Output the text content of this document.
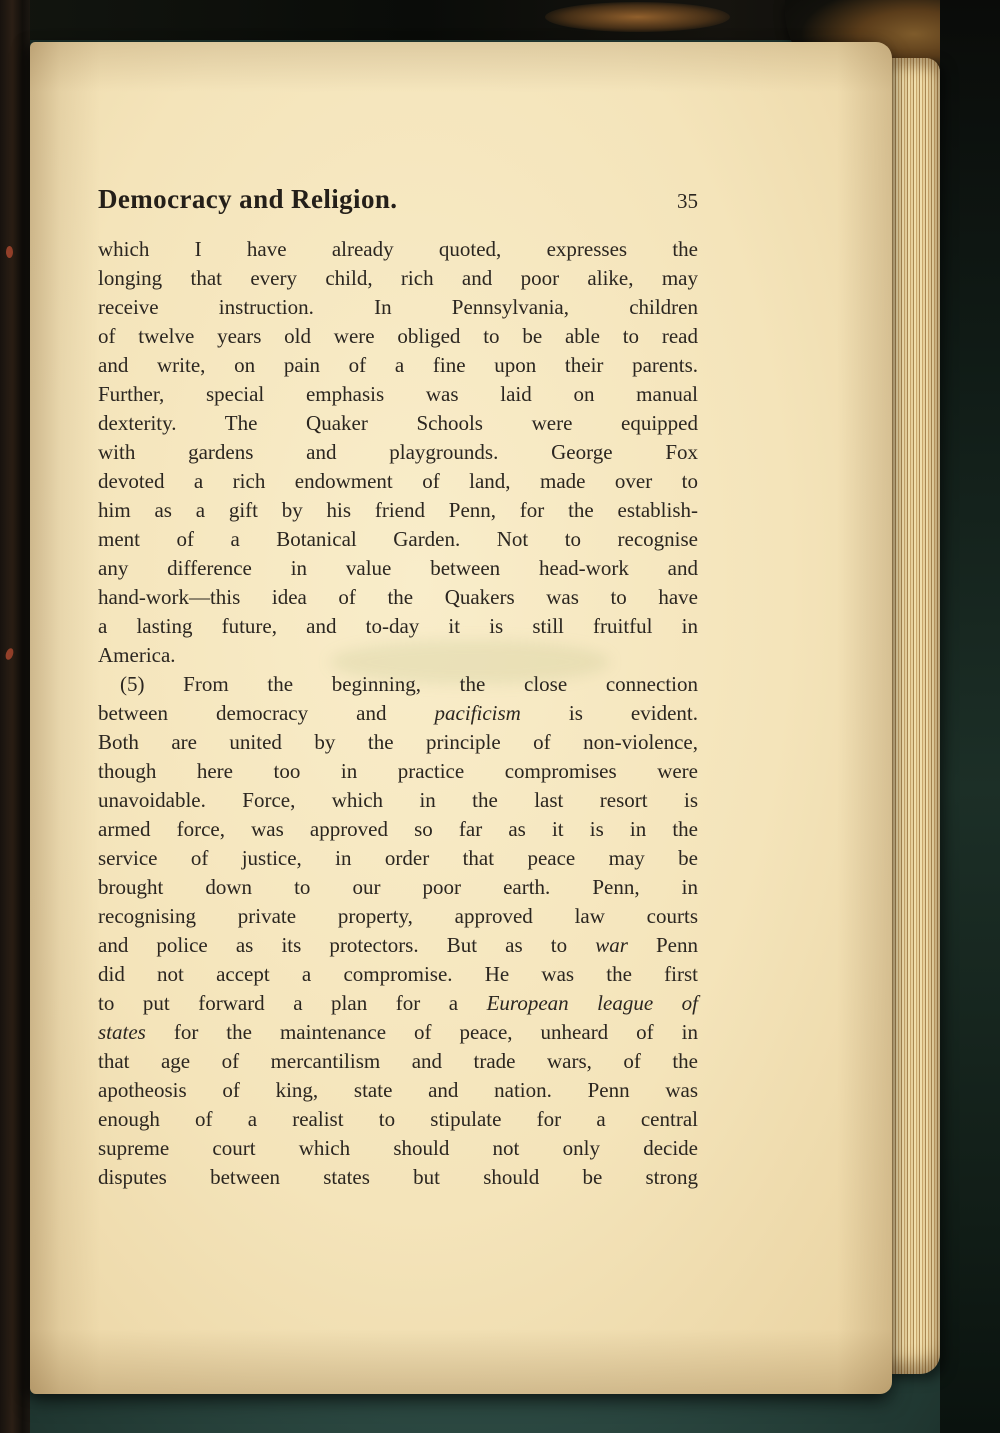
Democracy and Religion.	35
which I have already quoted, expresses the
longing that every child, rich and poor alike, may
receive instruction. In Pennsylvania, children
of twelve years old were obliged to be able to read
and write, on pain of a fine upon their parents.
Further, special emphasis was laid on manual
dexterity. The Quaker Schools were equipped
with gardens and playgrounds. George Fox
devoted a rich endowment of land, made over to
him as a gift by his friend Penn, for the establish-
ment of a Botanical Garden. Not to recognise
any difference in value between head-work and
hand-work—this idea of the Quakers was to have
a lasting future, and to-day it is still fruitful in
America.
(5) From the beginning, the close connection
between democracy and pacificism is evident.
Both are united by the principle of non-violence,
though here too in practice compromises were
unavoidable. Force, which in the last resort is
armed force, was approved so far as it is in the
service of justice, in order that peace may be
brought down to our poor earth. Penn, in
recognising private property, approved law courts
and police as its protectors. But as to war Penn
did not accept a compromise. He was the first
to put forward a plan for a European league of
states for the maintenance of peace, unheard of in
that age of mercantilism and trade wars, of the
apotheosis of king, state and nation. Penn was
enough of a realist to stipulate for a central
supreme court which should not only decide
disputes between states but should be strong
